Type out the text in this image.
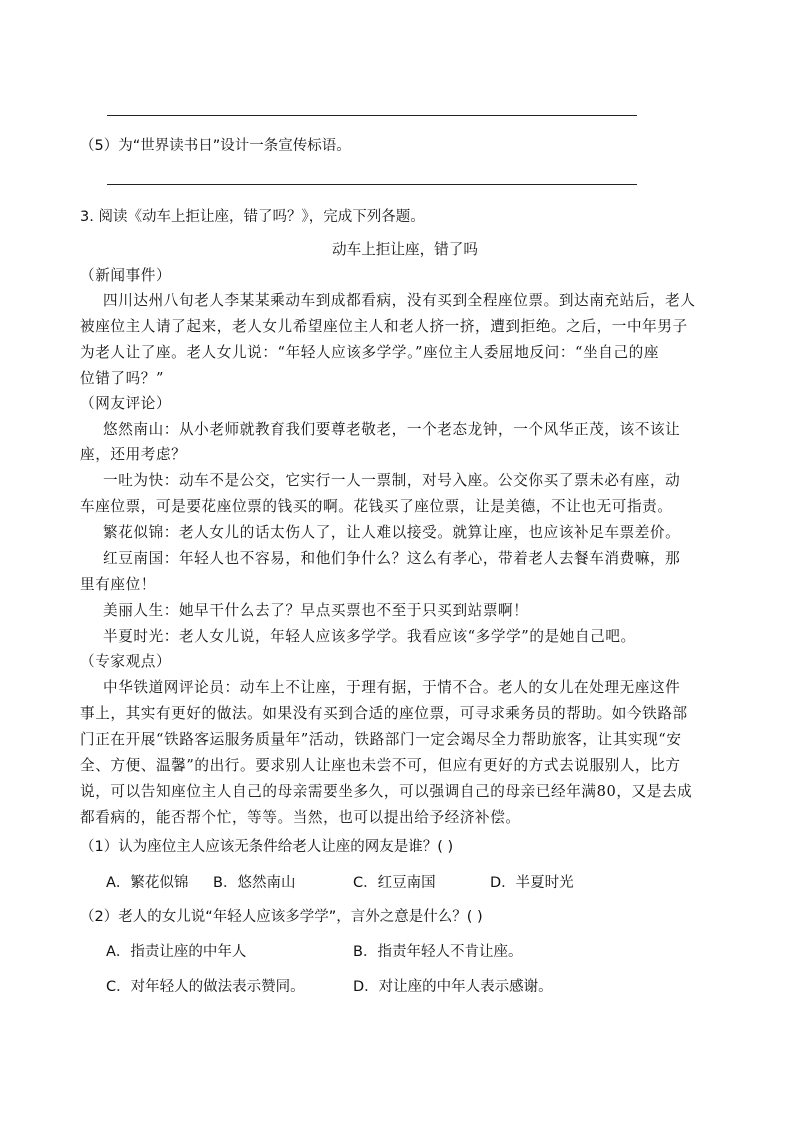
（5）为“世界读书日”设计一条宣传标语。
3. 阅读《动车上拒让座，错了吗？》，完成下列各题。
动车上拒让座，错了吗
（新闻事件）
四川达州八旬老人李某某乘动车到成都看病，没有买到全程座位票。到达南充站后，老人
被座位主人请了起来，老人女儿希望座位主人和老人挤一挤，遭到拒绝。之后，一中年男子
为老人让了座。老人女儿说：“年轻人应该多学学。”座位主人委屈地反问：“坐自己的座
位错了吗？”
（网友评论）
悠然南山：从小老师就教育我们要尊老敬老，一个老态龙钟，一个风华正茂，该不该让
座，还用考虑？
一吐为快：动车不是公交，它实行一人一票制，对号入座。公交你买了票未必有座，动
车座位票，可是要花座位票的钱买的啊。花钱买了座位票，让是美德，不让也无可指责。
繁花似锦：老人女儿的话太伤人了，让人难以接受。就算让座，也应该补足车票差价。
红豆南国：年轻人也不容易，和他们争什么？这么有孝心，带着老人去餐车消费嘛，那
里有座位！
美丽人生：她早干什么去了？早点买票也不至于只买到站票啊！
半夏时光：老人女儿说，年轻人应该多学学。我看应该“多学学”的是她自己吧。
（专家观点）
中华铁道网评论员：动车上不让座，于理有据，于情不合。老人的女儿在处理无座这件
事上，其实有更好的做法。如果没有买到合适的座位票，可寻求乘务员的帮助。如今铁路部
门正在开展“铁路客运服务质量年”活动，铁路部门一定会竭尽全力帮助旅客，让其实现“安
全、方便、温馨”的出行。要求别人让座也未尝不可，但应有更好的方式去说服别人，比方
说，可以告知座位主人自己的母亲需要坐多久，可以强调自己的母亲已经年满80，又是去成
都看病的，能否帮个忙，等等。当然，也可以提出给予经济补偿。
（1）认为座位主人应该无条件给老人让座的网友是谁？( )
A．繁花似锦 B．悠然南山	C．红豆南国	D．半夏时光
（2）老人的女儿说“年轻人应该多学学”，言外之意是什么？( )
A．指责让座的中年人	B．指责年轻人不肯让座。
C．对年轻人的做法表示赞同。	D．对让座的中年人表示感谢。
